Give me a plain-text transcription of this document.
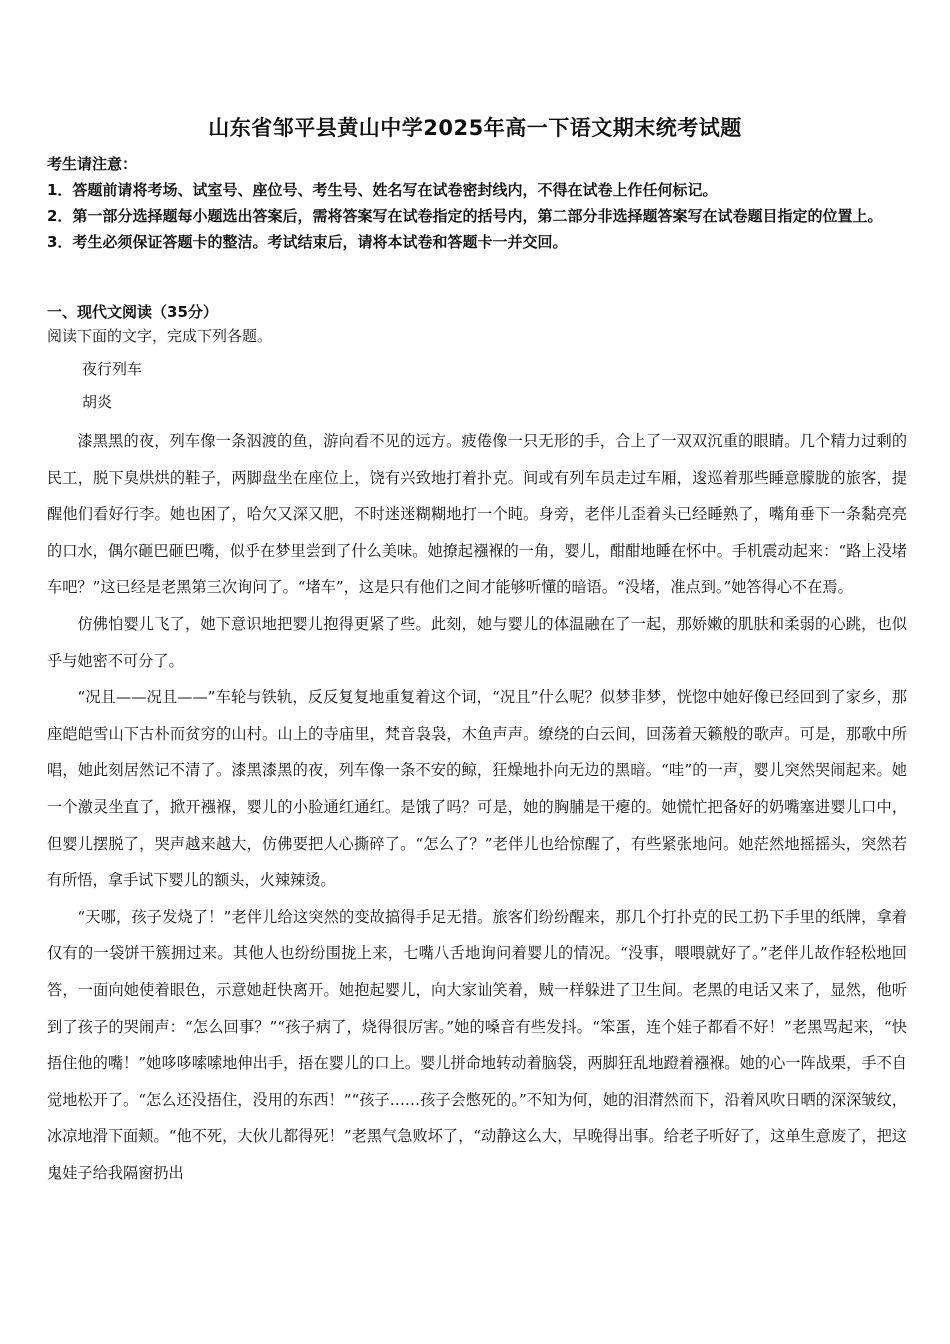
山东省邹平县黄山中学2025年高一下语文期末统考试题

考生请注意：

1．答题前请将考场、试室号、座位号、考生号、姓名写在试卷密封线内，不得在试卷上作任何标记。

2．第一部分选择题每小题选出答案后，需将答案写在试卷指定的括号内，第二部分非选择题答案写在试卷题目指定的位置上。

3．考生必须保证答题卡的整洁。考试结束后，请将本试卷和答题卡一并交回。

一、现代文阅读（35分）
阅读下面的文字，完成下列各题。
夜行列车
胡炎

漆黑黑的夜，列车像一条泅渡的鱼，游向看不见的远方。疲倦像一只无形的手，合上了一双双沉重的眼睛。几个精力过剩的民工，脱下臭烘烘的鞋子，两脚盘坐在座位上，饶有兴致地打着扑克。间或有列车员走过车厢，逡巡着那些睡意朦胧的旅客，提醒他们看好行李。她也困了，哈欠又深又肥，不时迷迷糊糊地打一个盹。身旁，老伴儿歪着头已经睡熟了，嘴角垂下一条黏亮亮的口水，偶尔砸巴砸巴嘴，似乎在梦里尝到了什么美味。她撩起襁褓的一角，婴儿，酣酣地睡在怀中。手机震动起来：“路上没堵车吧？”这已经是老黑第三次询问了。“堵车”，这是只有他们之间才能够听懂的暗语。“没堵，准点到。”她答得心不在焉。

仿佛怕婴儿飞了，她下意识地把婴儿抱得更紧了些。此刻，她与婴儿的体温融在了一起，那娇嫩的肌肤和柔弱的心跳，也似乎与她密不可分了。

“况且——况且——”车轮与铁轨，反反复复地重复着这个词，“况且”什么呢？似梦非梦，恍惚中她好像已经回到了家乡，那座皑皑雪山下古朴而贫穷的山村。山上的寺庙里，梵音袅袅，木鱼声声。缭绕的白云间，回荡着天籁般的歌声。可是，那歌中所唱，她此刻居然记不清了。漆黑漆黑的夜，列车像一条不安的鲸，狂燥地扑向无边的黑暗。“哇”的一声，婴儿突然哭闹起来。她一个激灵坐直了，掀开襁褓，婴儿的小脸通红通红。是饿了吗？可是，她的胸脯是干瘪的。她慌忙把备好的奶嘴塞进婴儿口中，但婴儿摆脱了，哭声越来越大，仿佛要把人心撕碎了。“怎么了？”老伴儿也给惊醒了，有些紧张地问。她茫然地摇摇头，突然若有所悟，拿手试下婴儿的额头，火辣辣烫。

“天哪，孩子发烧了！”老伴儿给这突然的变故搞得手足无措。旅客们纷纷醒来，那几个打扑克的民工扔下手里的纸牌，拿着仅有的一袋饼干簇拥过来。其他人也纷纷围拢上来，七嘴八舌地询问着婴儿的情况。“没事，喂喂就好了。”老伴儿故作轻松地回答，一面向她使着眼色，示意她赶快离开。她抱起婴儿，向大家讪笑着，贼一样躲进了卫生间。老黑的电话又来了，显然，他听到了孩子的哭闹声：“怎么回事？”“孩子病了，烧得很厉害。”她的嗓音有些发抖。“笨蛋，连个娃子都看不好！”老黑骂起来，“快捂住他的嘴！”她哆哆嗦嗦地伸出手，捂在婴儿的口上。婴儿拼命地转动着脑袋，两脚狂乱地蹬着襁褓。她的心一阵战栗，手不自觉地松开了。“怎么还没捂住，没用的东西！”“孩子……孩子会憋死的。”不知为何，她的泪潸然而下，沿着风吹日晒的深深皱纹，冰凉地滑下面颊。“他不死，大伙儿都得死！”老黑气急败坏了，“动静这么大，早晚得出事。给老子听好了，这单生意废了，把这鬼娃子给我隔窗扔出
